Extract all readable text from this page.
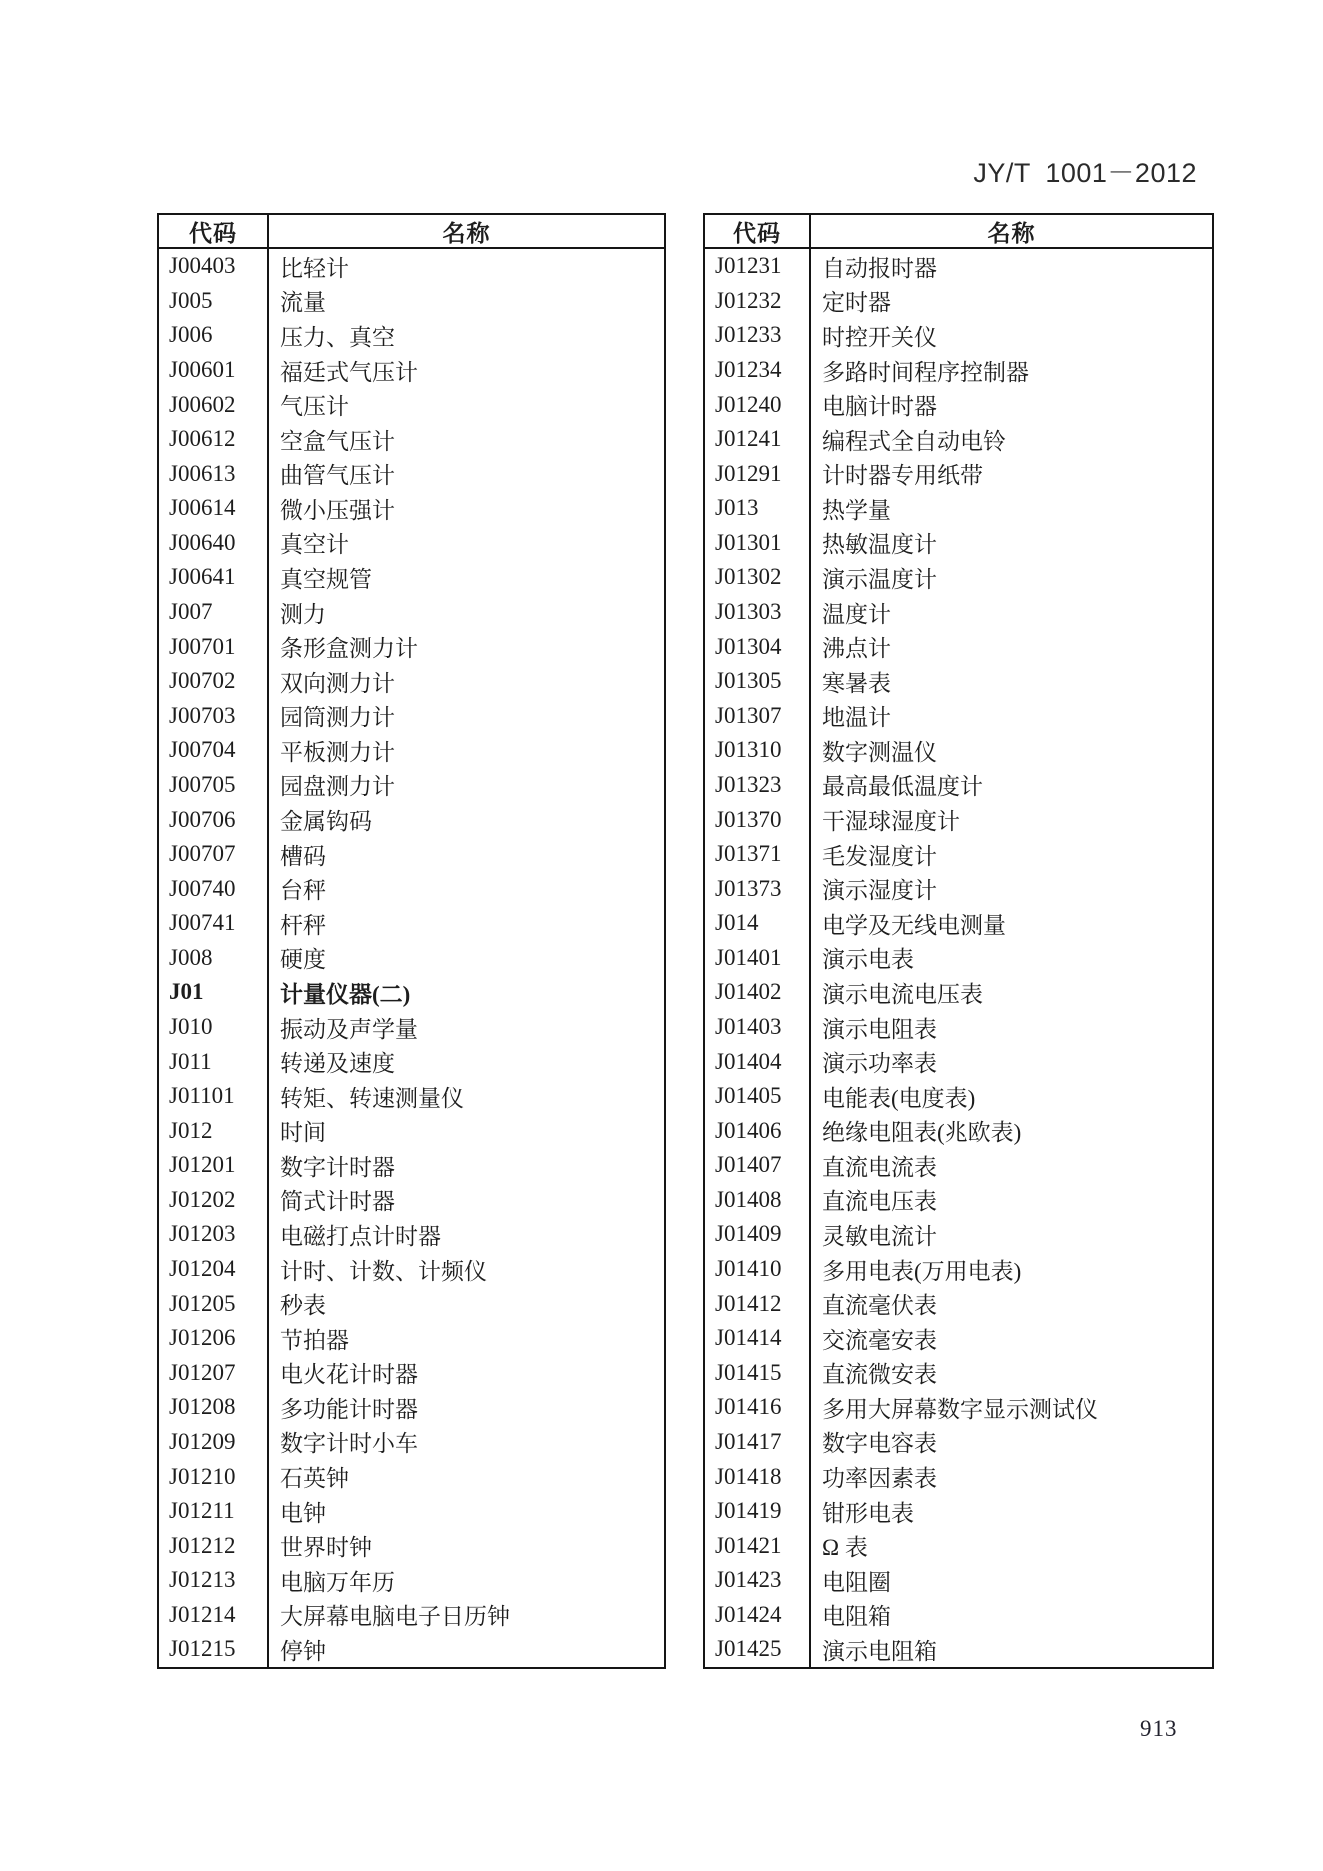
JY/T 1001－2012
代码	名称
J00403	比轻计
J005	流量
J006	压力、真空
J00601	福廷式气压计
J00602	气压计
J00612	空盒气压计
J00613	曲管气压计
J00614	微小压强计
J00640	真空计
J00641	真空规管
J007	测力
J00701	条形盒测力计
J00702	双向测力计
J00703	园筒测力计
J00704	平板测力计
J00705	园盘测力计
J00706	金属钩码
J00707	槽码
J00740	台秤
J00741	杆秤
J008	硬度
J01	计量仪器(二)
J010	振动及声学量
J011	转递及速度
J01101	转矩、转速测量仪
J012	时间
J01201	数字计时器
J01202	简式计时器
J01203	电磁打点计时器
J01204	计时、计数、计频仪
J01205	秒表
J01206	节拍器
J01207	电火花计时器
J01208	多功能计时器
J01209	数字计时小车
J01210	石英钟
J01211	电钟
J01212	世界时钟
J01213	电脑万年历
J01214	大屏幕电脑电子日历钟
J01215	停钟
代码	名称
J01231	自动报时器
J01232	定时器
J01233	时控开关仪
J01234	多路时间程序控制器
J01240	电脑计时器
J01241	编程式全自动电铃
J01291	计时器专用纸带
J013	热学量
J01301	热敏温度计
J01302	演示温度计
J01303	温度计
J01304	沸点计
J01305	寒暑表
J01307	地温计
J01310	数字测温仪
J01323	最高最低温度计
J01370	干湿球湿度计
J01371	毛发湿度计
J01373	演示湿度计
J014	电学及无线电测量
J01401	演示电表
J01402	演示电流电压表
J01403	演示电阻表
J01404	演示功率表
J01405	电能表(电度表)
J01406	绝缘电阻表(兆欧表)
J01407	直流电流表
J01408	直流电压表
J01409	灵敏电流计
J01410	多用电表(万用电表)
J01412	直流毫伏表
J01414	交流毫安表
J01415	直流微安表
J01416	多用大屏幕数字显示测试仪
J01417	数字电容表
J01418	功率因素表
J01419	钳形电表
J01421	Ω 表
J01423	电阻圈
J01424	电阻箱
J01425	演示电阻箱
913
